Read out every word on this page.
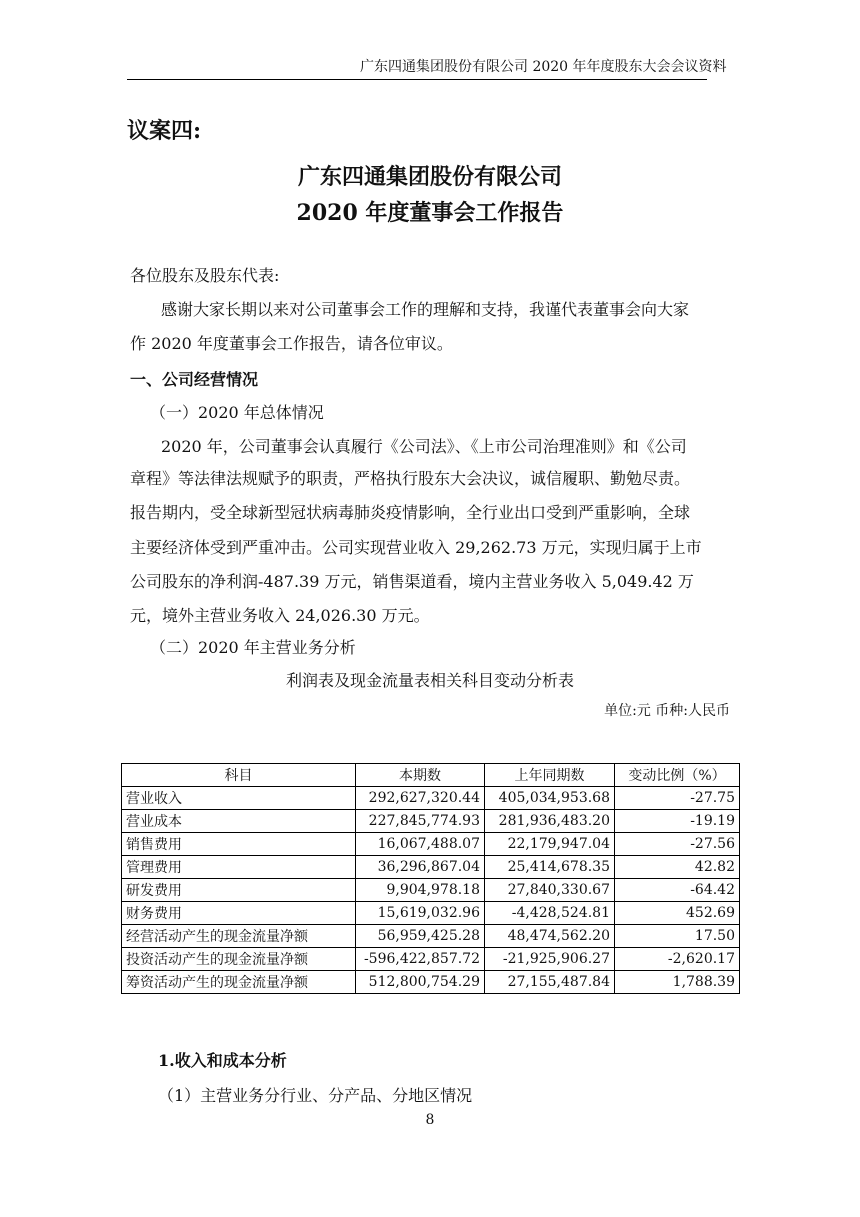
广东四通集团股份有限公司 2020 年年度股东大会会议资料
议案四:
广东四通集团股份有限公司
2020 年度董事会工作报告
各位股东及股东代表:
感谢大家长期以来对公司董事会工作的理解和支持，我谨代表董事会向大家
作 2020 年度董事会工作报告，请各位审议。
一、公司经营情况
（一）2020 年总体情况
2020 年，公司董事会认真履行《公司法》、《上市公司治理准则》和《公司
章程》等法律法规赋予的职责，严格执行股东大会决议，诚信履职、勤勉尽责。
报告期内，受全球新型冠状病毒肺炎疫情影响，全行业出口受到严重影响，全球
主要经济体受到严重冲击。公司实现营业收入 29,262.73 万元，实现归属于上市
公司股东的净利润-487.39 万元，销售渠道看，境内主营业务收入 5,049.42 万
元，境外主营业务收入 24,026.30 万元。
（二）2020 年主营业务分析
利润表及现金流量表相关科目变动分析表
单位:元 币种:人民币
科目	本期数	上年同期数	变动比例（%）
营业收入	292,627,320.44	405,034,953.68	-27.75
营业成本	227,845,774.93	281,936,483.20	-19.19
销售费用	16,067,488.07	22,179,947.04	-27.56
管理费用	36,296,867.04	25,414,678.35	42.82
研发费用	9,904,978.18	27,840,330.67	-64.42
财务费用	15,619,032.96	-4,428,524.81	452.69
经营活动产生的现金流量净额	56,959,425.28	48,474,562.20	17.50
投资活动产生的现金流量净额	-596,422,857.72	-21,925,906.27	-2,620.17
筹资活动产生的现金流量净额	512,800,754.29	27,155,487.84	1,788.39
1.收入和成本分析
（1）主营业务分行业、分产品、分地区情况
8
